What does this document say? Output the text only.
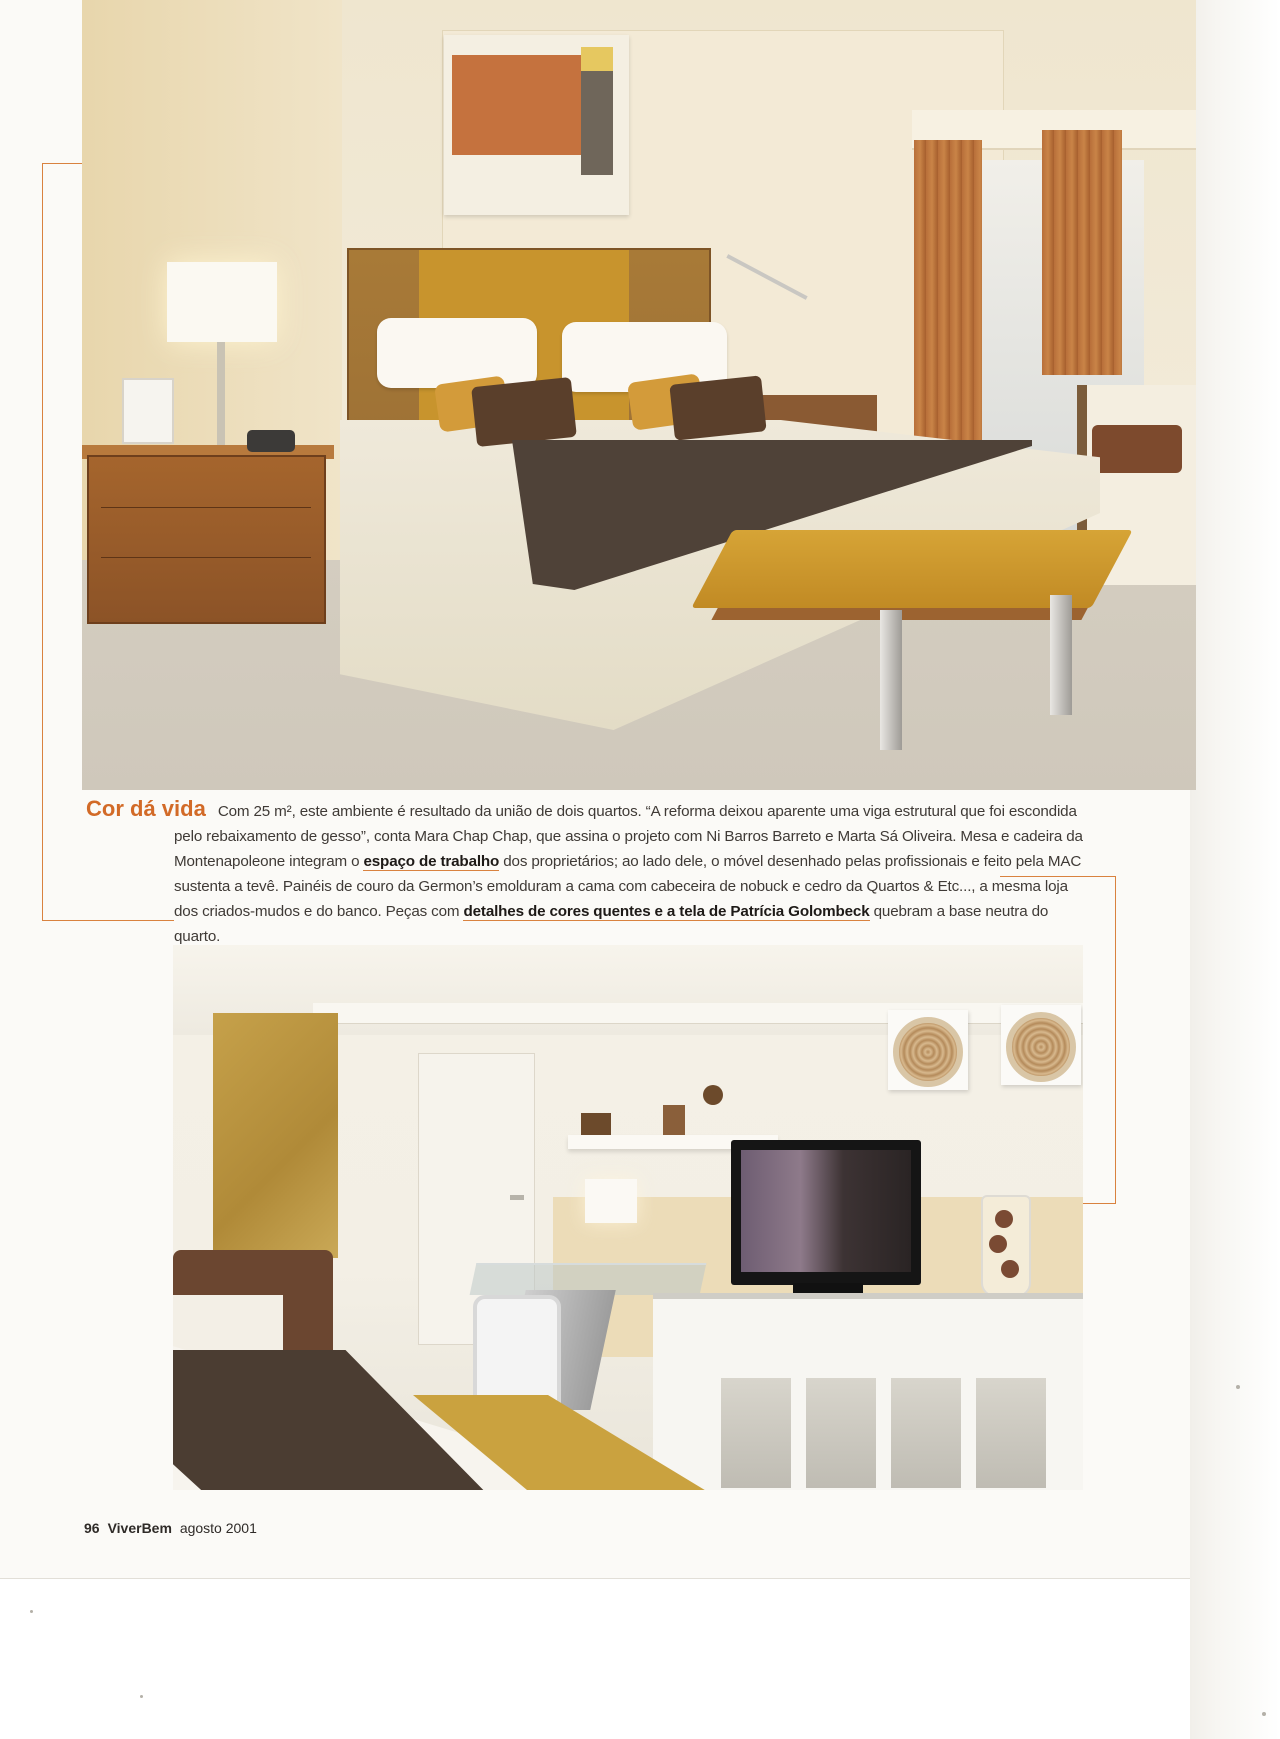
Cor dá vida Com 25 m², este ambiente é resultado da união de dois quartos. “A reforma deixou aparente uma viga estrutural que foi escondida

pelo rebaixamento de gesso”, conta Mara Chap Chap, que assina o projeto com Ni Barros Barreto e Marta Sá Oliveira. Mesa e cadeira da

Montenapoleone integram o espaço de trabalho dos proprietários; ao lado dele, o móvel desenhado pelas profissionais e feito pela MAC

sustenta a tevê. Painéis de couro da Germon’s emolduram a cama com cabeceira de nobuck e cedro da Quartos & Etc..., a mesma loja

dos criados-mudos e do banco. Peças com detalhes de cores quentes e a tela de Patrícia Golombeck quebram a base neutra do quarto.

96 ViverBem agosto 2001
